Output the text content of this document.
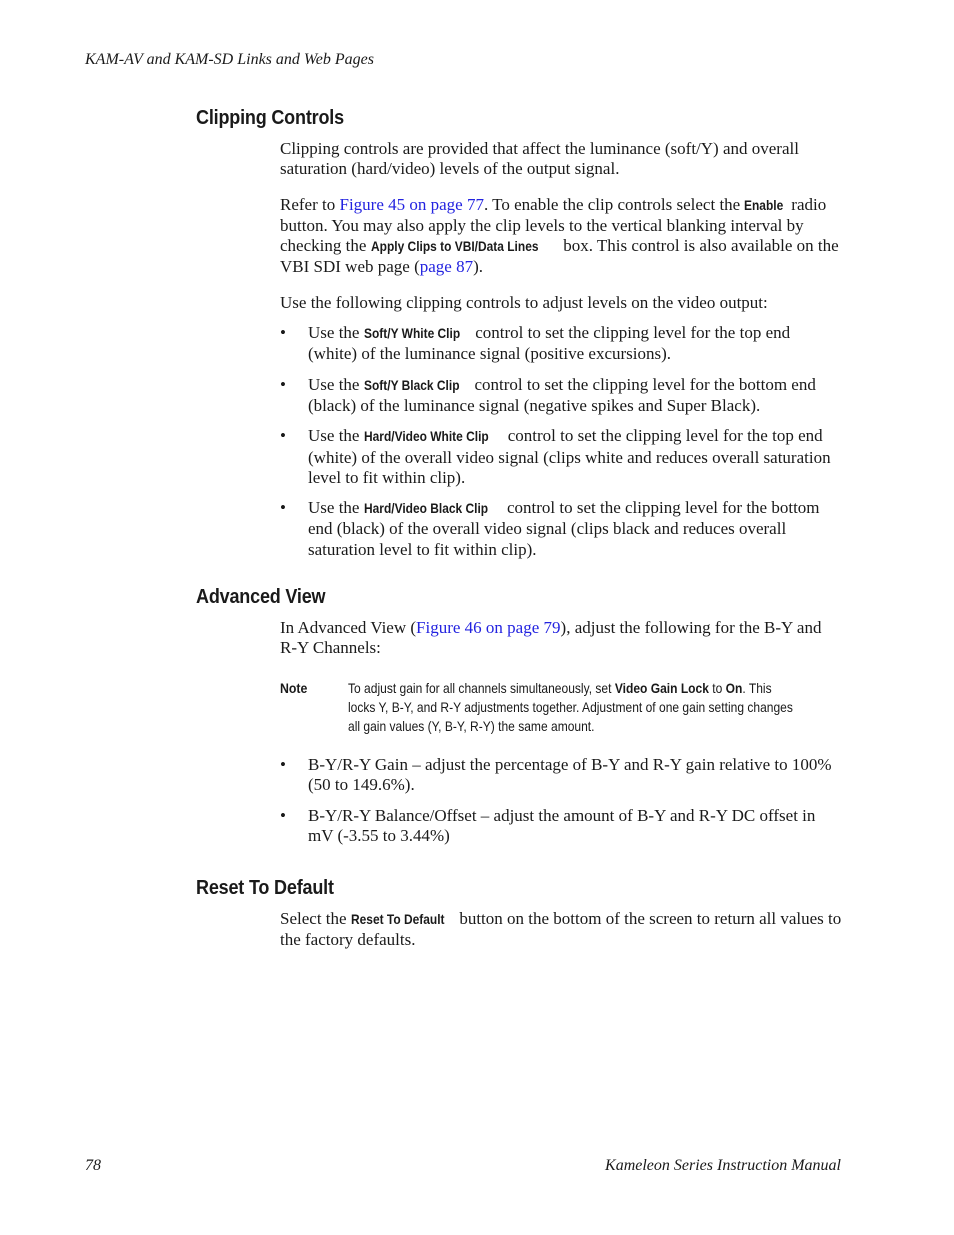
KAM-AV and KAM-SD Links and Web Pages
Clipping Controls

Clipping controls are provided that affect the luminance (soft/Y) and overall saturation (hard/video) levels of the output signal.

Refer to Figure 45 on page 77. To enable the clip controls select the Enable radio button. You may also apply the clip levels to the vertical blanking interval by checking the Apply Clips to VBI/Data Lines box. This control is also available on the VBI SDI web page (page 87).

Use the following clipping controls to adjust levels on the video output:

• Use the Soft/Y White Clip control to set the clipping level for the top end (white) of the luminance signal (positive excursions).
• Use the Soft/Y Black Clip control to set the clipping level for the bottom end (black) of the luminance signal (negative spikes and Super Black).
• Use the Hard/Video White Clip control to set the clipping level for the top end (white) of the overall video signal (clips white and reduces overall saturation level to fit within clip).
• Use the Hard/Video Black Clip control to set the clipping level for the bottom end (black) of the overall video signal (clips black and reduces overall saturation level to fit within clip).
Advanced View

In Advanced View (Figure 46 on page 79), adjust the following for the B-Y and R-Y Channels:

Note	To adjust gain for all channels simultaneously, set Video Gain Lock to On. This locks Y, B-Y, and R-Y adjustments together. Adjustment of one gain setting changes all gain values (Y, B-Y, R-Y) the same amount.
• B-Y/R-Y Gain – adjust the percentage of B-Y and R-Y gain relative to 100% (50 to 149.6%).
• B-Y/R-Y Balance/Offset – adjust the amount of B-Y and R-Y DC offset in mV (-3.55 to 3.44%)
Reset To Default

Select the Reset To Default button on the bottom of the screen to return all values to the factory defaults.

78	Kameleon Series Instruction Manual
